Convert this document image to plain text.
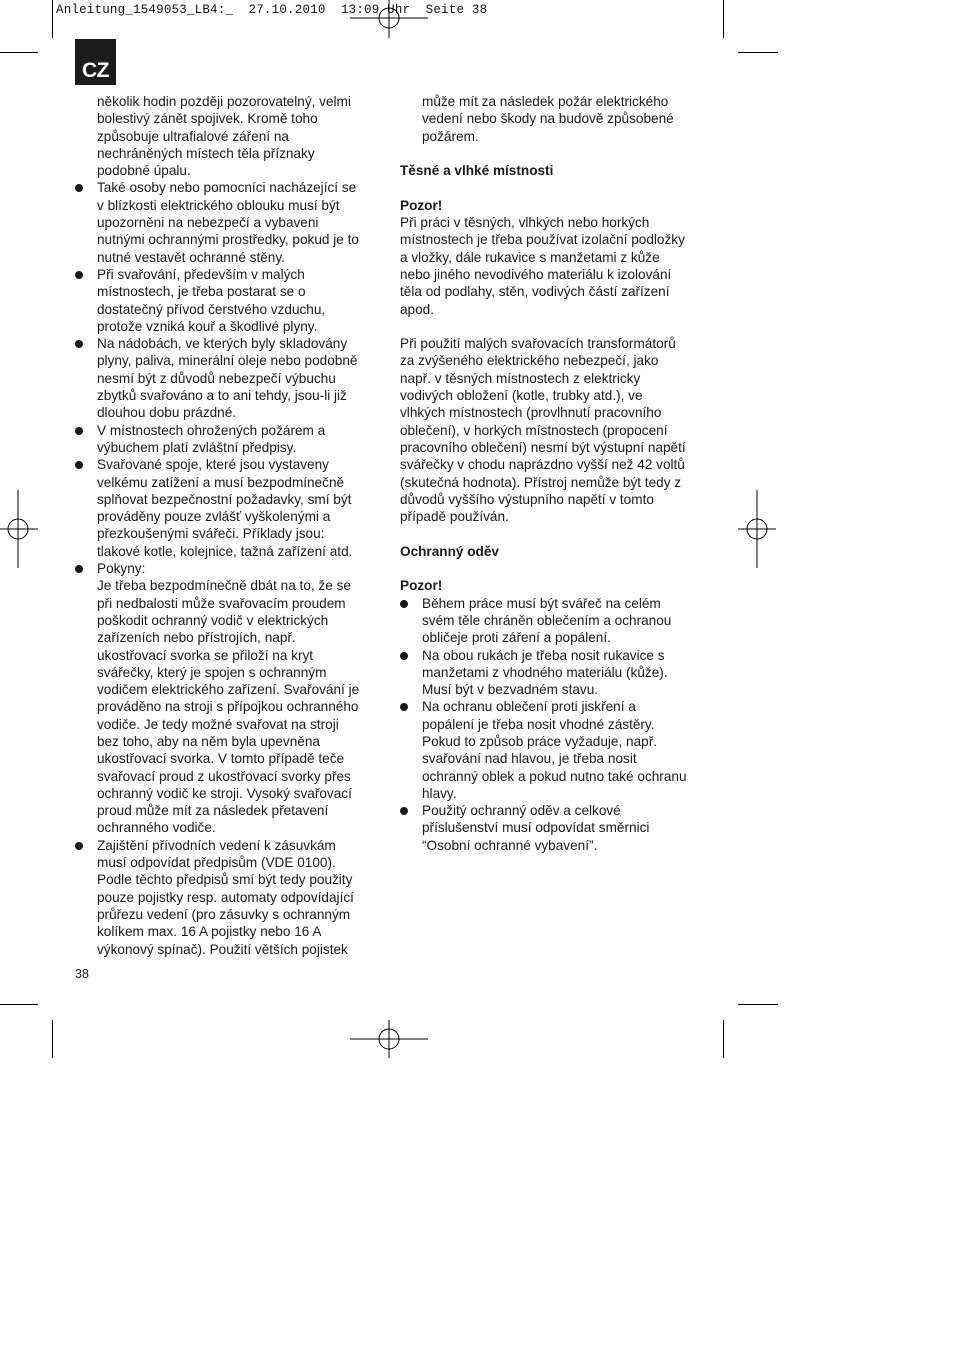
Anleitung_1549053_LB4:_  27.10.2010  13:09 Uhr  Seite 38
CZ

několik hodin později pozorovatelný, velmi
bolestivý zánět spojivek. Kromě toho
způsobuje ultrafialové záření na
nechráněných místech těla příznaky
podobné úpalu.

Také osoby nebo pomocníci nacházející se
v blízkosti elektrického oblouku musí být
upozorněni na nebezpečí a vybaveni
nutnými ochrannými prostředky, pokud je to
nutné vestavět ochranné stěny.
Při svařování, především v malých
místnostech, je třeba postarat se o
dostatečný přívod čerstvého vzduchu,
protože vzniká kouř a škodlivé plyny.
Na nádobách, ve kterých byly skladovány
plyny, paliva, minerální oleje nebo podobně
nesmí být z důvodů nebezpečí výbuchu
zbytků svařováno a to ani tehdy, jsou-li již
dlouhou dobu prázdné.
V místnostech ohrožených požárem a
výbuchem platí zvláštní předpisy.
Svařované spoje, které jsou vystaveny
velkému zatížení a musí bezpodmínečně
splňovat bezpečnostní požadavky, smí být
prováděny pouze zvlášť vyškolenými a
přezkoušenými svářeči. Příklady jsou:
tlakové kotle, kolejnice, tažná zařízení atd.
Pokyny:
Je třeba bezpodmínečně dbát na to, že se
při nedbalosti může svařovacím proudem
poškodit ochranný vodič v elektrických
zařízeních nebo přístrojích, např.
ukostřovací svorka se přiloží na kryt
svářečky, který je spojen s ochranným
vodičem elektrického zařízení. Svařování je
prováděno na stroji s přípojkou ochranného
vodiče. Je tedy možné svařovat na stroji
bez toho, aby na něm byla upevněna
ukostřovací svorka. V tomto případě teče
svařovací proud z ukostřovací svorky přes
ochranný vodič ke stroji. Vysoký svařovací
proud může mít za následek přetavení
ochranného vodiče.
Zajištění přívodních vedení k zásuvkám
musí odpovídat předpisům (VDE 0100).
Podle těchto předpisů smí být tedy použity
pouze pojistky resp. automaty odpovídající
průřezu vedení (pro zásuvky s ochranným
kolíkem max. 16 A pojistky nebo 16 A
výkonový spínač). Použití větších pojistek

může mít za následek požár elektrického
vedení nebo škody na budově způsobené
požárem.

Těsné a vlhké místnosti

Pozor!

Při práci v těsných, vlhkých nebo horkých
místnostech je třeba používat izolační podložky
a vložky, dále rukavice s manžetami z kůže
nebo jiného nevodivého materiálu k izolování
těla od podlahy, stěn, vodivých částí zařízení
apod.

Při použití malých svařovacích transformátorů
za zvýšeného elektrického nebezpečí, jako
např. v těsných místnostech z elektricky
vodivých obložení (kotle, trubky atd.), ve
vlhkých místnostech (provlhnutí pracovního
oblečení), v horkých místnostech (propocení
pracovního oblečení) nesmí být výstupní napětí
svářečky v chodu naprázdno vyšší než 42 voltů
(skutečná hodnota). Přístroj nemůže být tedy z
důvodů vyššího výstupního napětí v tomto
případě používán.

Ochranný oděv

Pozor!

Během práce musí být svářeč na celém
svém těle chráněn oblečením a ochranou
obličeje proti záření a popálení.
Na obou rukách je třeba nosit rukavice s
manžetami z vhodného materiálu (kůže).
Musí být v bezvadném stavu.
Na ochranu oblečení proti jiskření a
popálení je třeba nosit vhodné zástěry.
Pokud to způsob práce vyžaduje, např.
svařování nad hlavou, je třeba nosit
ochranný oblek a pokud nutno také ochranu
hlavy.
Použitý ochranný oděv a celkové
příslušenství musí odpovídat směrnici
“Osobní ochranné vybavení”.
38
